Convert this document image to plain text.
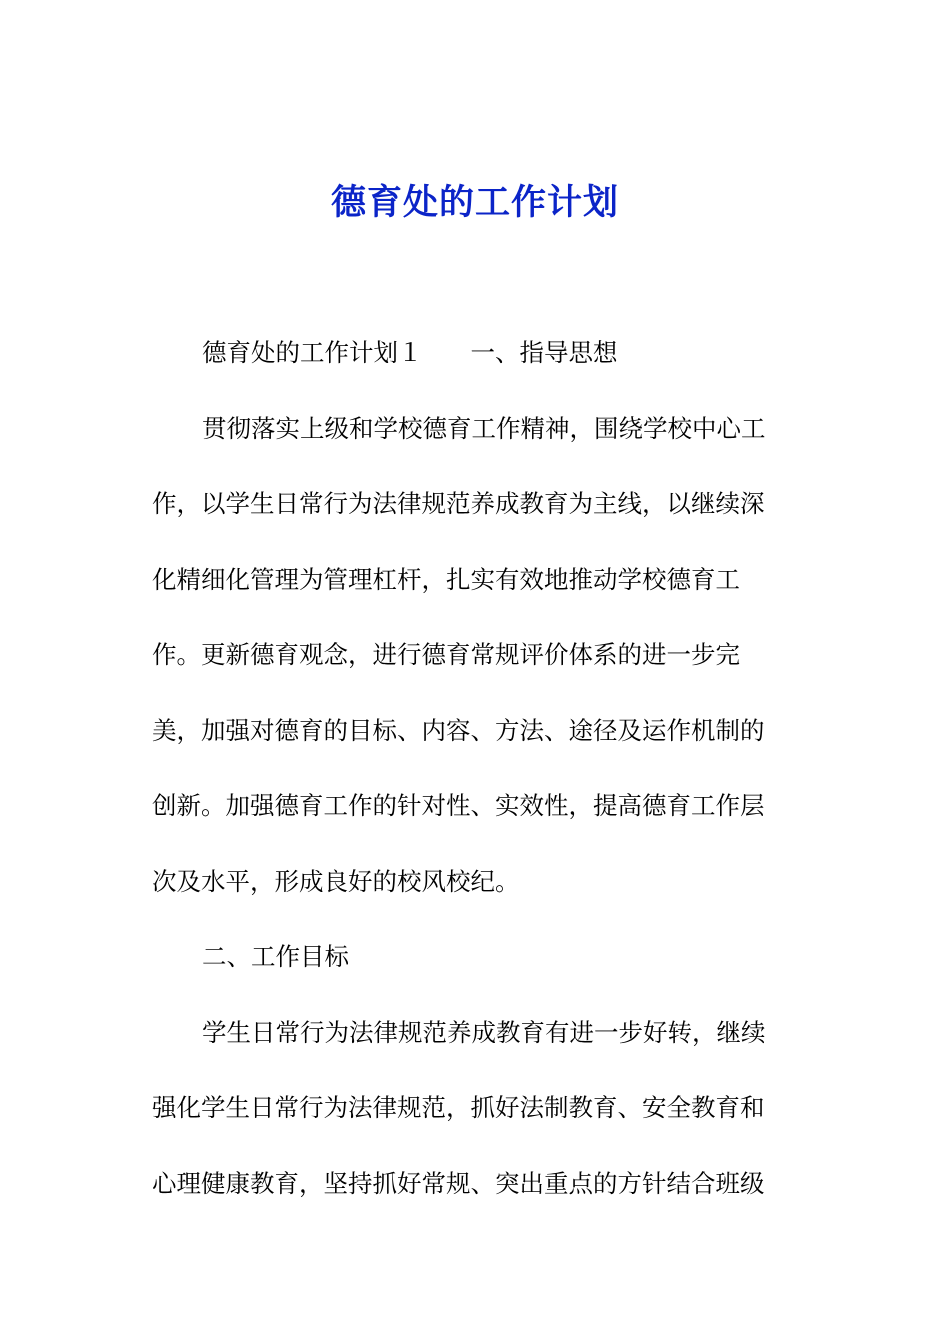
德育处的工作计划
德育处的工作计划１ 一、指导思想
贯彻落实上级和学校德育工作精神，围绕学校中心工
作，以学生日常行为法律规范养成教育为主线，以继续深
化精细化管理为管理杠杆，扎实有效地推动学校德育工
作。更新德育观念，进行德育常规评价体系的进一步完
美，加强对德育的目标、内容、方法、途径及运作机制的
创新。加强德育工作的针对性、实效性，提高德育工作层
次及水平，形成良好的校风校纪。
二、工作目标
学生日常行为法律规范养成教育有进一步好转，继续
强化学生日常行为法律规范，抓好法制教育、安全教育和
心理健康教育，坚持抓好常规、突出重点的方针结合班级
